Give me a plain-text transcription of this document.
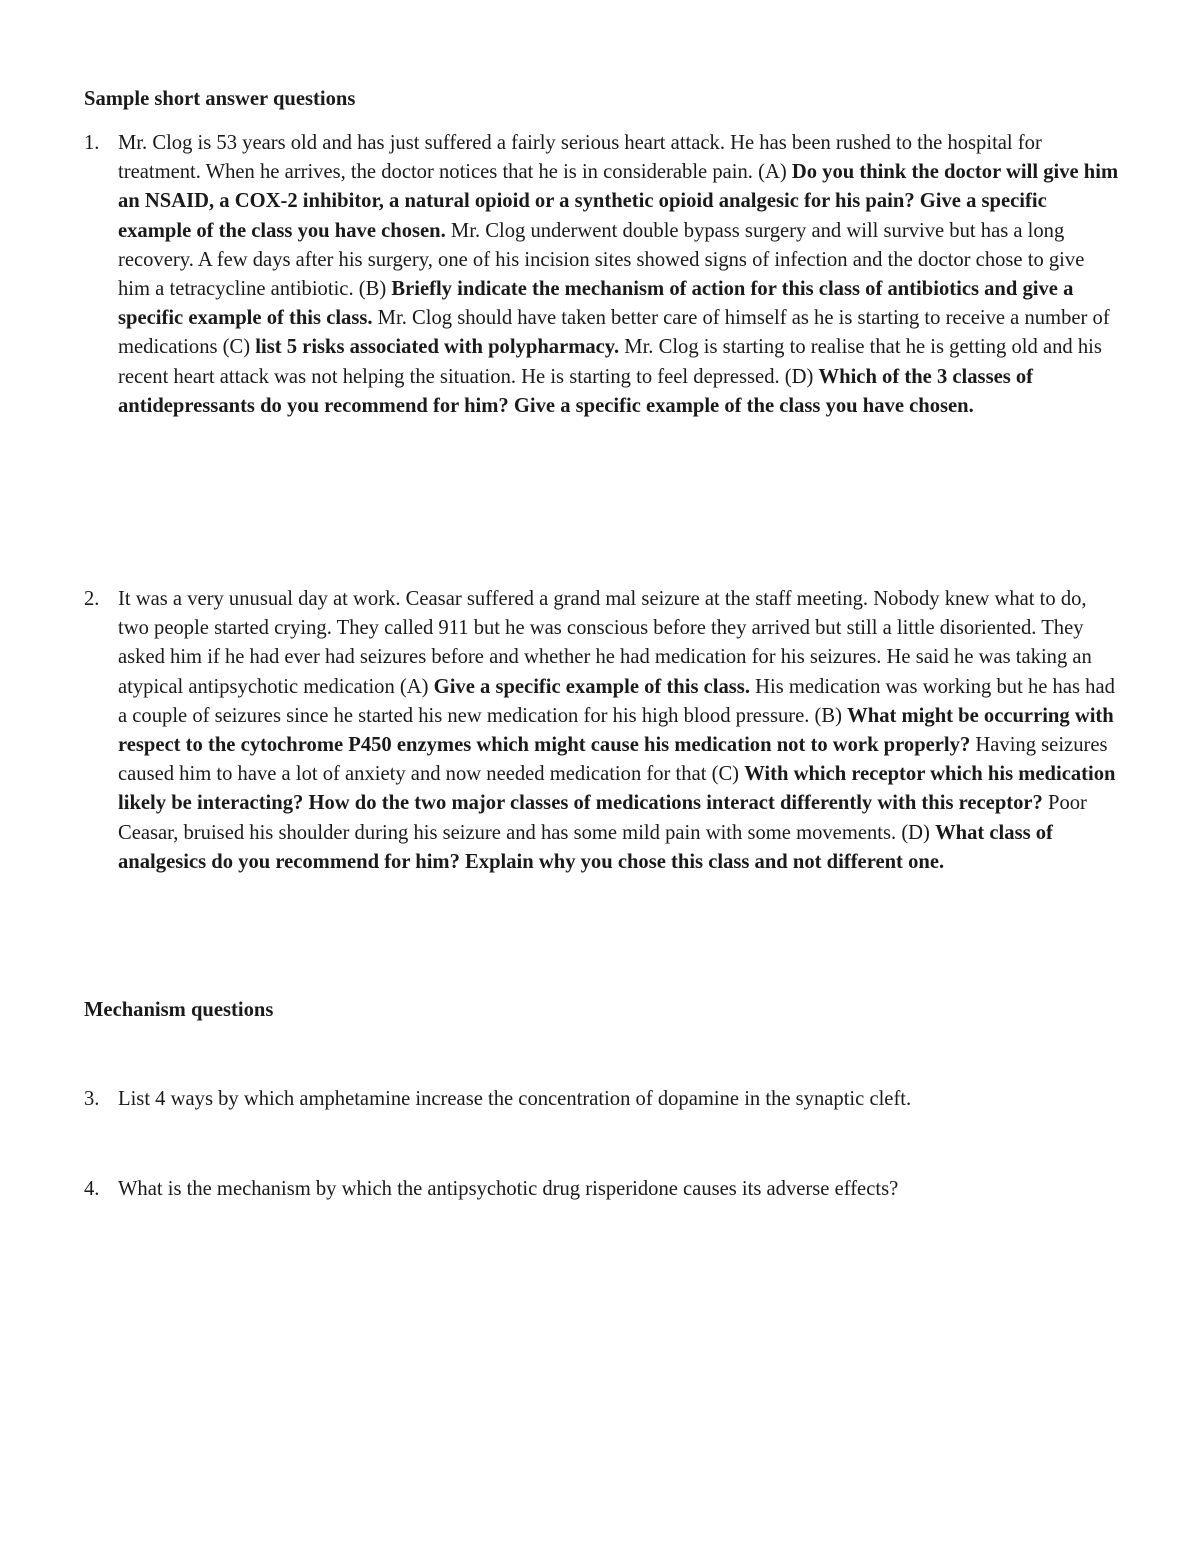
Sample short answer questions

1. Mr. Clog is 53 years old and has just suffered a fairly serious heart attack. He has been rushed to the hospital for treatment. When he arrives, the doctor notices that he is in considerable pain. (A) Do you think the doctor will give him an NSAID, a COX-2 inhibitor, a natural opioid or a synthetic opioid analgesic for his pain? Give a specific example of the class you have chosen. Mr. Clog underwent double bypass surgery and will survive but has a long recovery. A few days after his surgery, one of his incision sites showed signs of infection and the doctor chose to give him a tetracycline antibiotic. (B) Briefly indicate the mechanism of action for this class of antibiotics and give a specific example of this class. Mr. Clog should have taken better care of himself as he is starting to receive a number of medications (C) list 5 risks associated with polypharmacy. Mr. Clog is starting to realise that he is getting old and his recent heart attack was not helping the situation. He is starting to feel depressed. (D) Which of the 3 classes of antidepressants do you recommend for him? Give a specific example of the class you have chosen.
2. It was a very unusual day at work. Ceasar suffered a grand mal seizure at the staff meeting. Nobody knew what to do, two people started crying. They called 911 but he was conscious before they arrived but still a little disoriented. They asked him if he had ever had seizures before and whether he had medication for his seizures. He said he was taking an atypical antipsychotic medication (A) Give a specific example of this class. His medication was working but he has had a couple of seizures since he started his new medication for his high blood pressure. (B) What might be occurring with respect to the cytochrome P450 enzymes which might cause his medication not to work properly? Having seizures caused him to have a lot of anxiety and now needed medication for that (C) With which receptor which his medication likely be interacting? How do the two major classes of medications interact differently with this receptor? Poor Ceasar, bruised his shoulder during his seizure and has some mild pain with some movements. (D) What class of analgesics do you recommend for him? Explain why you chose this class and not different one.

Mechanism questions

3. List 4 ways by which amphetamine increase the concentration of dopamine in the synaptic cleft.
4. What is the mechanism by which the antipsychotic drug risperidone causes its adverse effects?
